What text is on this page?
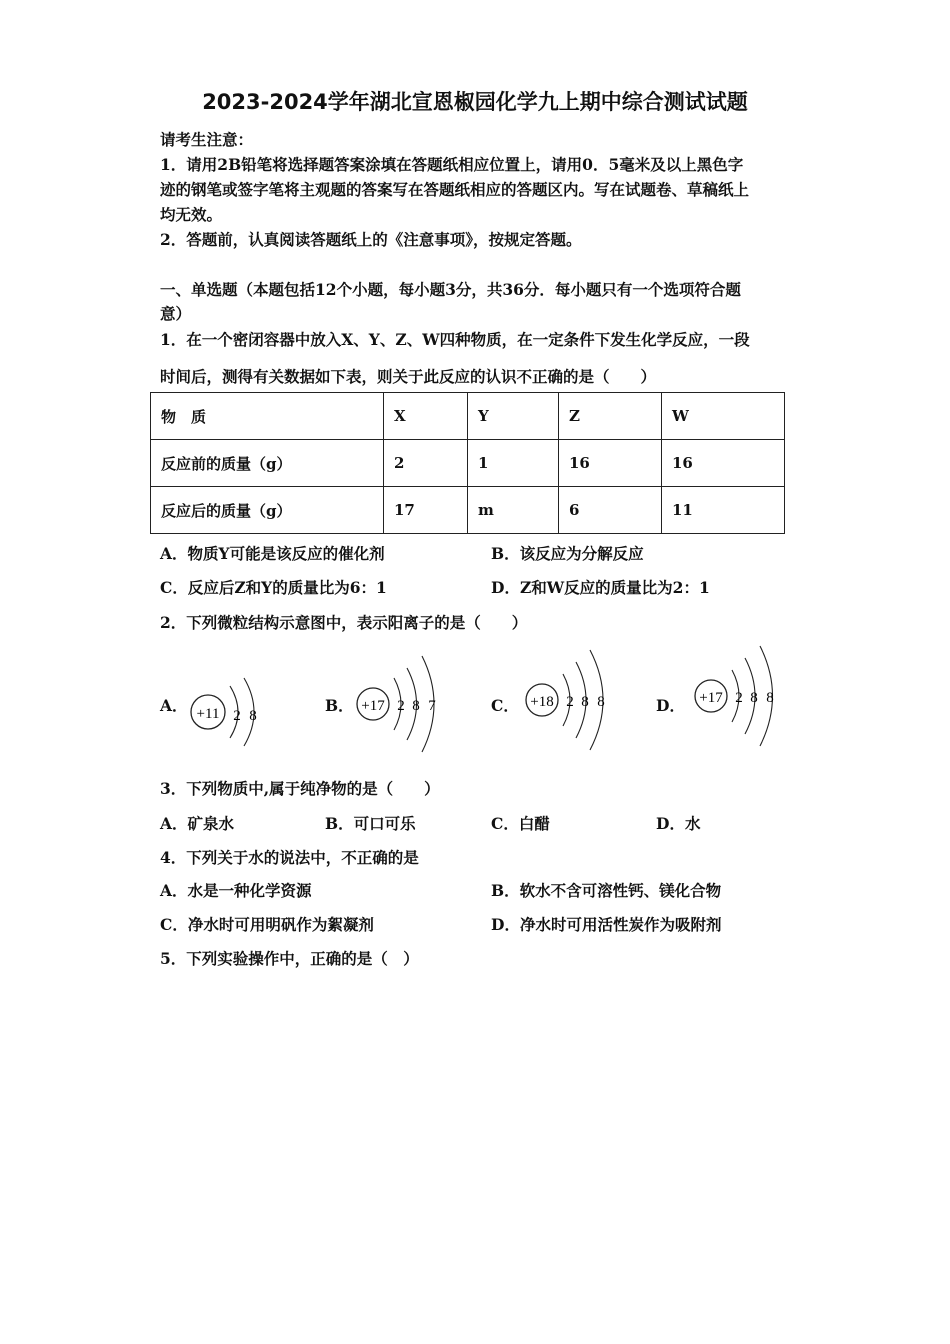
2023-2024学年湖北宣恩椒园化学九上期中综合测试试题
请考生注意：
1．请用2B铅笔将选择题答案涂填在答题纸相应位置上，请用0．5毫米及以上黑色字
迹的钢笔或签字笔将主观题的答案写在答题纸相应的答题区内。写在试题卷、草稿纸上
均无效。
2．答题前，认真阅读答题纸上的《注意事项》，按规定答题。
一、单选题（本题包括12个小题，每小题3分，共36分．每小题只有一个选项符合题
意）
1．在一个密闭容器中放入X、Y、Z、W四种物质，在一定条件下发生化学反应，一段
时间后，测得有关数据如下表，则关于此反应的认识不正确的是（　　）
物　质	X	Y	Z	W
反应前的质量（g）	2	1	16	16
反应后的质量（g）	17	m	6	11
A．物质Y可能是该反应的催化剂	B．该反应为分解反应
C．反应后Z和Y的质量比为6：1	D．Z和W反应的质量比为2：1
2．下列微粒结构示意图中，表示阳离子的是（　　）
A． +11 2 8
B． +17 2 8 7	C． +18 2 8 8	D． +17 2 8 8
3．下列物质中,属于纯净物的是（　　）
A．矿泉水	B．可口可乐	C．白醋	D．水
4．下列关于水的说法中，不正确的是
A．水是一种化学资源	B．软水不含可溶性钙、镁化合物
C．净水时可用明矾作为絮凝剂	D．净水时可用活性炭作为吸附剂
5．下列实验操作中，正确的是（　）
